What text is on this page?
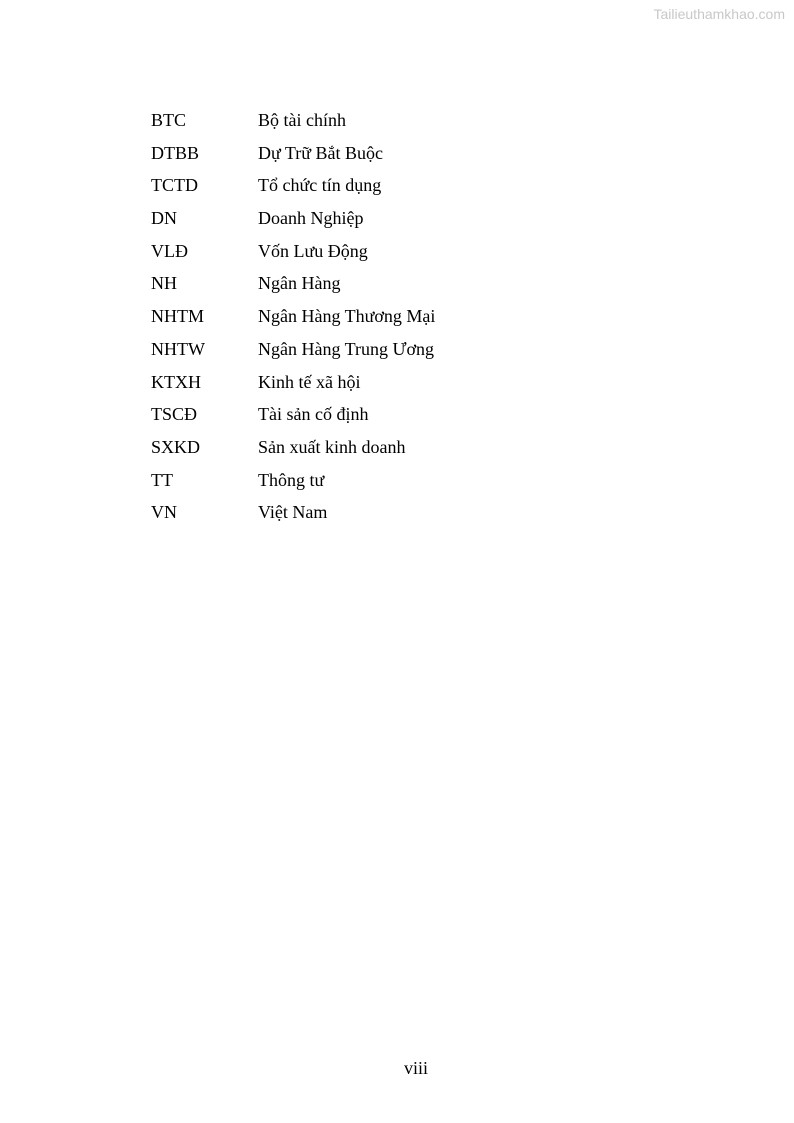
Tailieuthamkhao.com
BTC	Bộ tài chính
DTBB	Dự Trữ Bắt Buộc
TCTD	Tổ chức tín dụng
DN	Doanh Nghiệp
VLĐ	Vốn Lưu Động
NH	Ngân Hàng
NHTM	Ngân Hàng Thương Mại
NHTW	Ngân Hàng Trung Ương
KTXH	Kinh tế xã hội
TSCĐ	Tài sản cố định
SXKD	Sản xuất kinh doanh
TT	Thông tư
VN	Việt Nam
viii
